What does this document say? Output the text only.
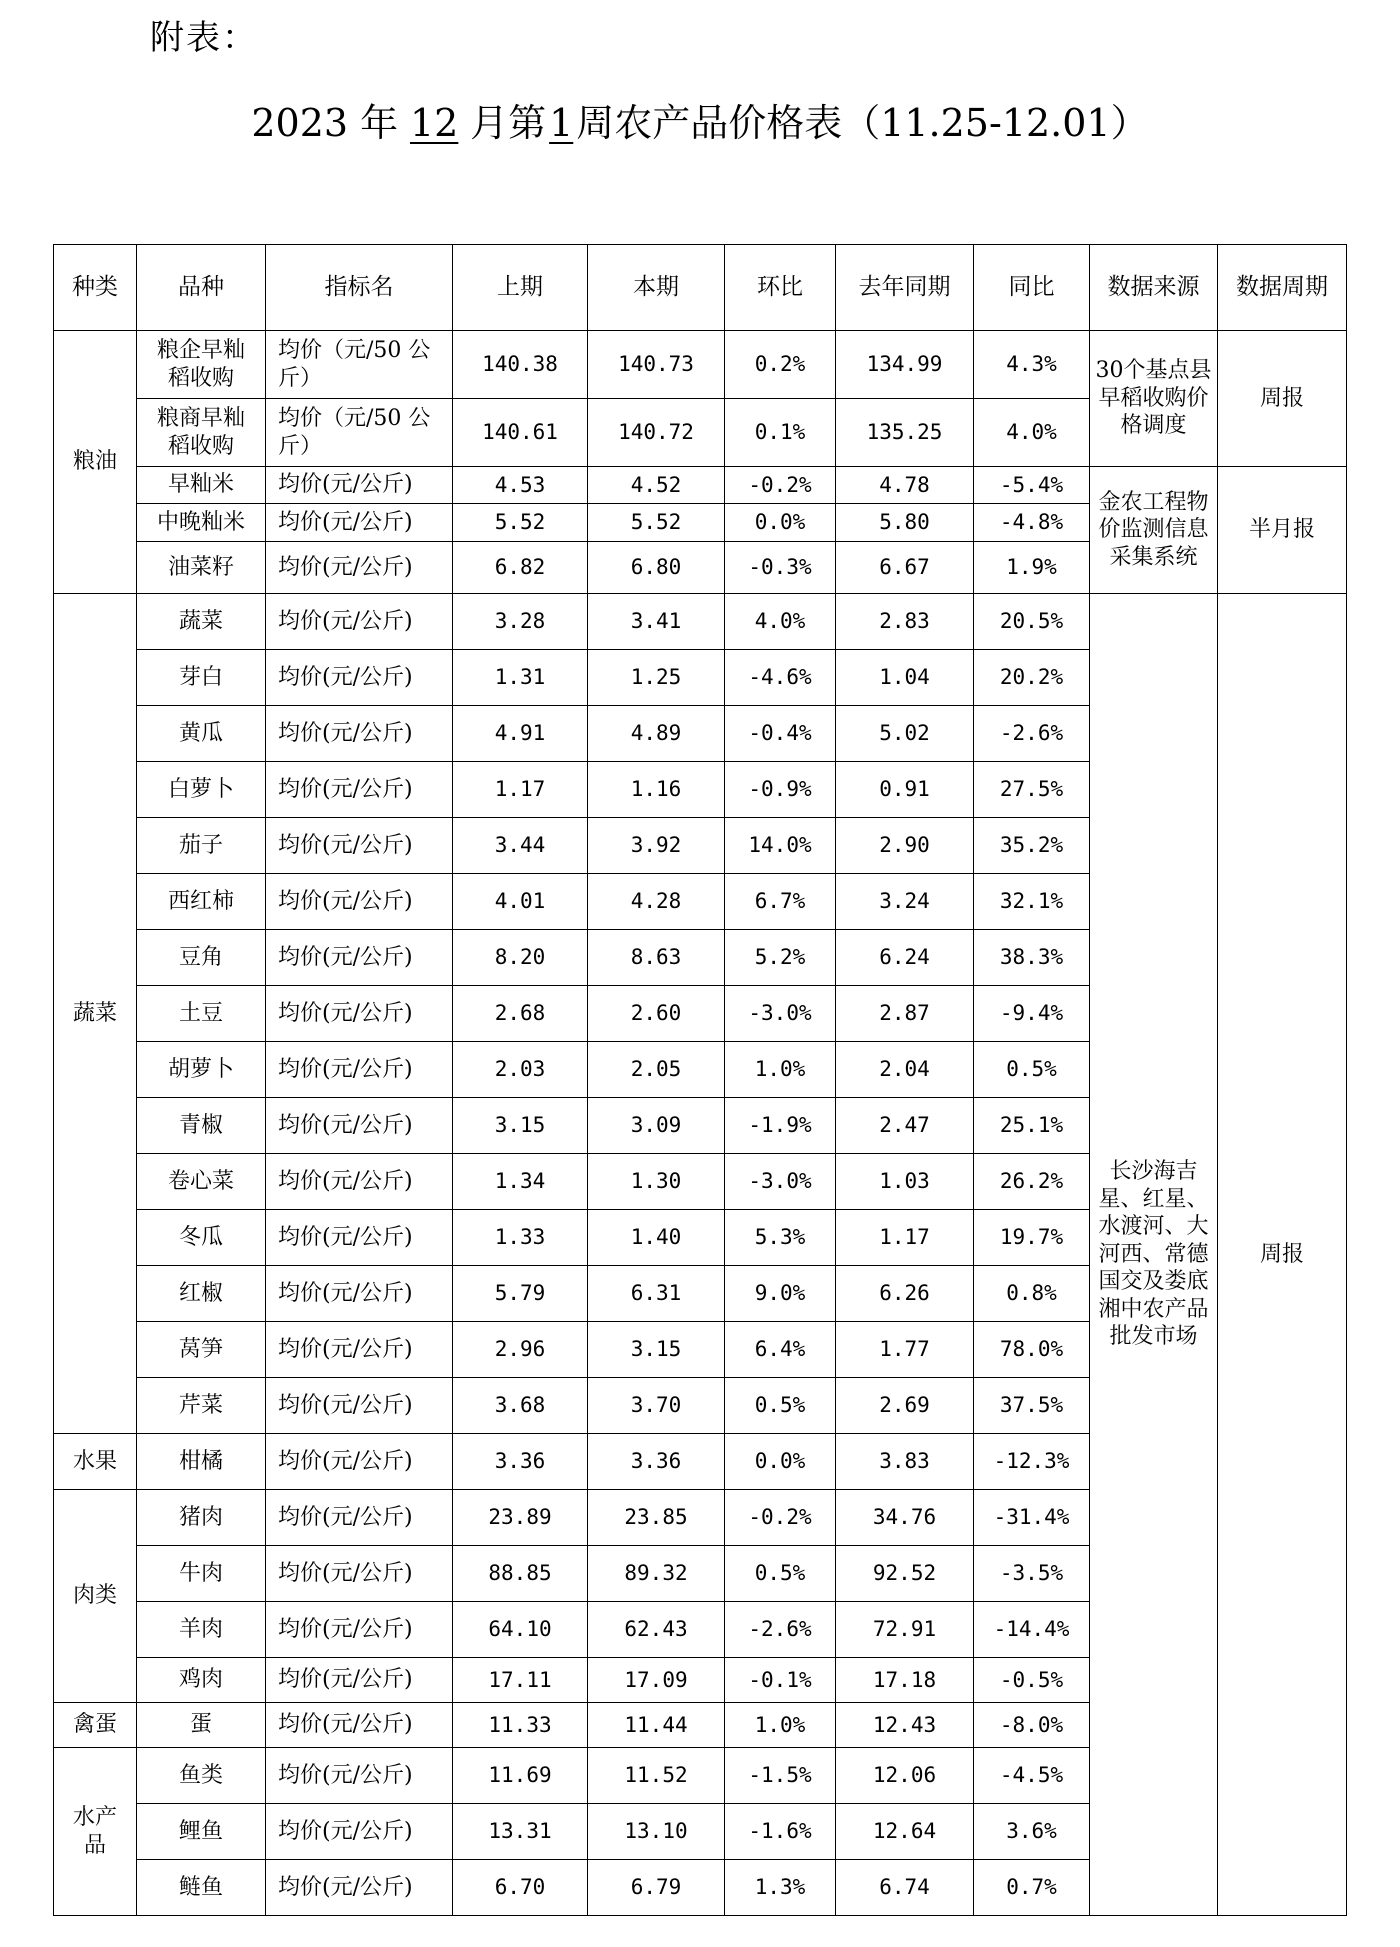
附表：
2023 年 12 月第1周农产品价格表（11.25-12.01）
种类	品种	指标名	上期	本期	环比	去年同期	同比	数据来源	数据周期
粮油	粮企早籼稻收购	均价（元/50 公斤）	140.38	140.73	0.2%	134.99	4.3%	30个基点县早稻收购价格调度	周报
	粮商早籼稻收购	均价（元/50 公斤）	140.61	140.72	0.1%	135.25	4.0%		
	早籼米	均价(元/公斤)	4.53	4.52	-0.2%	4.78	-5.4%	金农工程物价监测信息采集系统	半月报
	中晚籼米	均价(元/公斤)	5.52	5.52	0.0%	5.80	-4.8%		
	油菜籽	均价(元/公斤)	6.82	6.80	-0.3%	6.67	1.9%		
蔬菜	蔬菜	均价(元/公斤)	3.28	3.41	4.0%	2.83	20.5%	长沙海吉星、红星、水渡河、大河西、常德国交及娄底湘中农产品批发市场	周报
	芽白	均价(元/公斤)	1.31	1.25	-4.6%	1.04	20.2%		
	黄瓜	均价(元/公斤)	4.91	4.89	-0.4%	5.02	-2.6%		
	白萝卜	均价(元/公斤)	1.17	1.16	-0.9%	0.91	27.5%		
	茄子	均价(元/公斤)	3.44	3.92	14.0%	2.90	35.2%		
	西红柿	均价(元/公斤)	4.01	4.28	6.7%	3.24	32.1%		
	豆角	均价(元/公斤)	8.20	8.63	5.2%	6.24	38.3%		
	土豆	均价(元/公斤)	2.68	2.60	-3.0%	2.87	-9.4%		
	胡萝卜	均价(元/公斤)	2.03	2.05	1.0%	2.04	0.5%		
	青椒	均价(元/公斤)	3.15	3.09	-1.9%	2.47	25.1%		
	卷心菜	均价(元/公斤)	1.34	1.30	-3.0%	1.03	26.2%		
	冬瓜	均价(元/公斤)	1.33	1.40	5.3%	1.17	19.7%		
	红椒	均价(元/公斤)	5.79	6.31	9.0%	6.26	0.8%		
	莴笋	均价(元/公斤)	2.96	3.15	6.4%	1.77	78.0%		
	芹菜	均价(元/公斤)	3.68	3.70	0.5%	2.69	37.5%		
水果	柑橘	均价(元/公斤)	3.36	3.36	0.0%	3.83	-12.3%		
肉类	猪肉	均价(元/公斤)	23.89	23.85	-0.2%	34.76	-31.4%		
	牛肉	均价(元/公斤)	88.85	89.32	0.5%	92.52	-3.5%		
	羊肉	均价(元/公斤)	64.10	62.43	-2.6%	72.91	-14.4%		
	鸡肉	均价(元/公斤)	17.11	17.09	-0.1%	17.18	-0.5%		
禽蛋	蛋	均价(元/公斤)	11.33	11.44	1.0%	12.43	-8.0%		
水产品	鱼类	均价(元/公斤)	11.69	11.52	-1.5%	12.06	-4.5%		
	鲤鱼	均价(元/公斤)	13.31	13.10	-1.6%	12.64	3.6%		
	鲢鱼	均价(元/公斤)	6.70	6.79	1.3%	6.74	0.7%		
